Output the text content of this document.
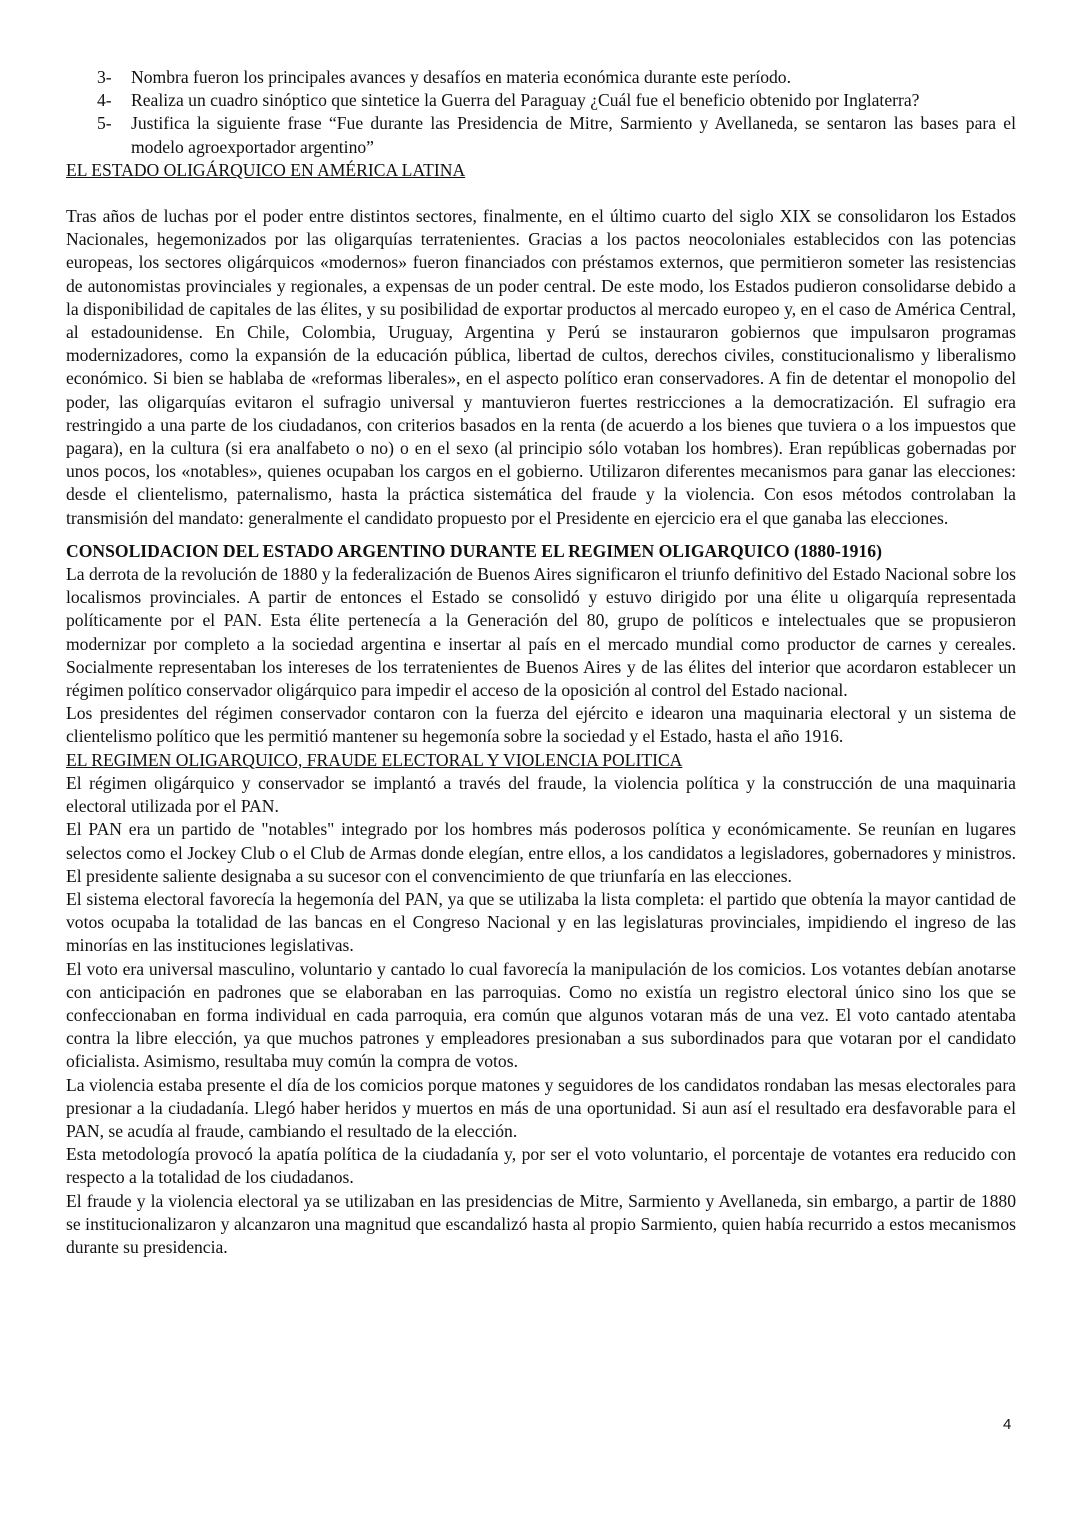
3-	Nombra fueron los principales avances y desafíos en materia económica durante este período.
4-	Realiza un cuadro sinóptico que sintetice la Guerra del Paraguay ¿Cuál fue el beneficio obtenido por Inglaterra?
5-	Justifica la siguiente frase “Fue durante las Presidencia de Mitre, Sarmiento y Avellaneda, se sentaron las bases para el modelo agroexportador argentino”
EL ESTADO OLIGÁRQUICO EN AMÉRICA LATINA

Tras años de luchas por el poder entre distintos sectores, finalmente, en el último cuarto del siglo XIX se consolidaron los Estados Nacionales, hegemonizados por las oligarquías terratenientes. Gracias a los pactos neocoloniales establecidos con las potencias europeas, los sectores oligárquicos «modernos» fueron financiados con préstamos externos, que permitieron someter las resistencias de autonomistas provinciales y regionales, a expensas de un poder central. De este modo, los Estados pudieron consolidarse debido a la disponibilidad de capitales de las élites, y su posibilidad de exportar productos al mercado europeo y, en el caso de América Central, al estadounidense. En Chile, Colombia, Uruguay, Argentina y Perú se instauraron gobiernos que impulsaron programas modernizadores, como la expansión de la educación pública, libertad de cultos, derechos civiles, constitucionalismo y liberalismo económico. Si bien se hablaba de «reformas liberales», en el aspecto político eran conservadores. A fin de detentar el monopolio del poder, las oligarquías evitaron el sufragio universal y mantuvieron fuertes restricciones a la democratización. El sufragio era restringido a una parte de los ciudadanos, con criterios basados en la renta (de acuerdo a los bienes que tuviera o a los impuestos que pagara), en la cultura (si era analfabeto o no) o en el sexo (al principio sólo votaban los hombres). Eran repúblicas gobernadas por unos pocos, los «notables», quienes ocupaban los cargos en el gobierno. Utilizaron diferentes mecanismos para ganar las elecciones: desde el clientelismo, paternalismo, hasta la práctica sistemática del fraude y la violencia. Con esos métodos controlaban la transmisión del mandato: generalmente el candidato propuesto por el Presidente en ejercicio era el que ganaba las elecciones.

CONSOLIDACION DEL ESTADO ARGENTINO DURANTE EL REGIMEN OLIGARQUICO (1880-1916)

La derrota de la revolución de 1880 y la federalización de Buenos Aires significaron el triunfo definitivo del Estado Nacional sobre los localismos provinciales. A partir de entonces el Estado se consolidó y estuvo dirigido por una élite u oligarquía representada políticamente por el PAN. Esta élite pertenecía a la Generación del 80, grupo de políticos e intelectuales que se propusieron modernizar por completo a la sociedad argentina e insertar al país en el mercado mundial como productor de carnes y cereales. Socialmente representaban los intereses de los terratenientes de Buenos Aires y de las élites del interior que acordaron establecer un régimen político conservador oligárquico para impedir el acceso de la oposición al control del Estado nacional.

Los presidentes del régimen conservador contaron con la fuerza del ejército e idearon una maquinaria electoral y un sistema de clientelismo político que les permitió mantener su hegemonía sobre la sociedad y el Estado, hasta el año 1916.

EL REGIMEN OLIGARQUICO, FRAUDE ELECTORAL Y VIOLENCIA POLITICA

El régimen oligárquico y conservador se implantó a través del fraude, la violencia política y la construcción de una maquinaria electoral utilizada por el PAN.

El PAN era un partido de "notables" integrado por los hombres más poderosos política y económicamente. Se reunían en lugares selectos como el Jockey Club o el Club de Armas donde elegían, entre ellos, a los candidatos a legisladores, gobernadores y ministros. El presidente saliente designaba a su sucesor con el convencimiento de que triunfaría en las elecciones.

El sistema electoral favorecía la hegemonía del PAN, ya que se utilizaba la lista completa: el partido que obtenía la mayor cantidad de votos ocupaba la totalidad de las bancas en el Congreso Nacional y en las legislaturas provinciales, impidiendo el ingreso de las minorías en las instituciones legislativas.

El voto era universal masculino, voluntario y cantado lo cual favorecía la manipulación de los comicios. Los votantes debían anotarse con anticipación en padrones que se elaboraban en las parroquias. Como no existía un registro electoral único sino los que se confeccionaban en forma individual en cada parroquia, era común que algunos votaran más de una vez. El voto cantado atentaba contra la libre elección, ya que muchos patrones y empleadores presionaban a sus subordinados para que votaran por el candidato oficialista. Asimismo, resultaba muy común la compra de votos.

La violencia estaba presente el día de los comicios porque matones y seguidores de los candidatos rondaban las mesas electorales para presionar a la ciudadanía. Llegó haber heridos y muertos en más de una oportunidad. Si aun así el resultado era desfavorable para el PAN, se acudía al fraude, cambiando el resultado de la elección.

Esta metodología provocó la apatía política de la ciudadanía y, por ser el voto voluntario, el porcentaje de votantes era reducido con respecto a la totalidad de los ciudadanos.

El fraude y la violencia electoral ya se utilizaban en las presidencias de Mitre, Sarmiento y Avellaneda, sin embargo, a partir de 1880 se institucionalizaron y alcanzaron una magnitud que escandalizó hasta al propio Sarmiento, quien había recurrido a estos mecanismos durante su presidencia.

4
